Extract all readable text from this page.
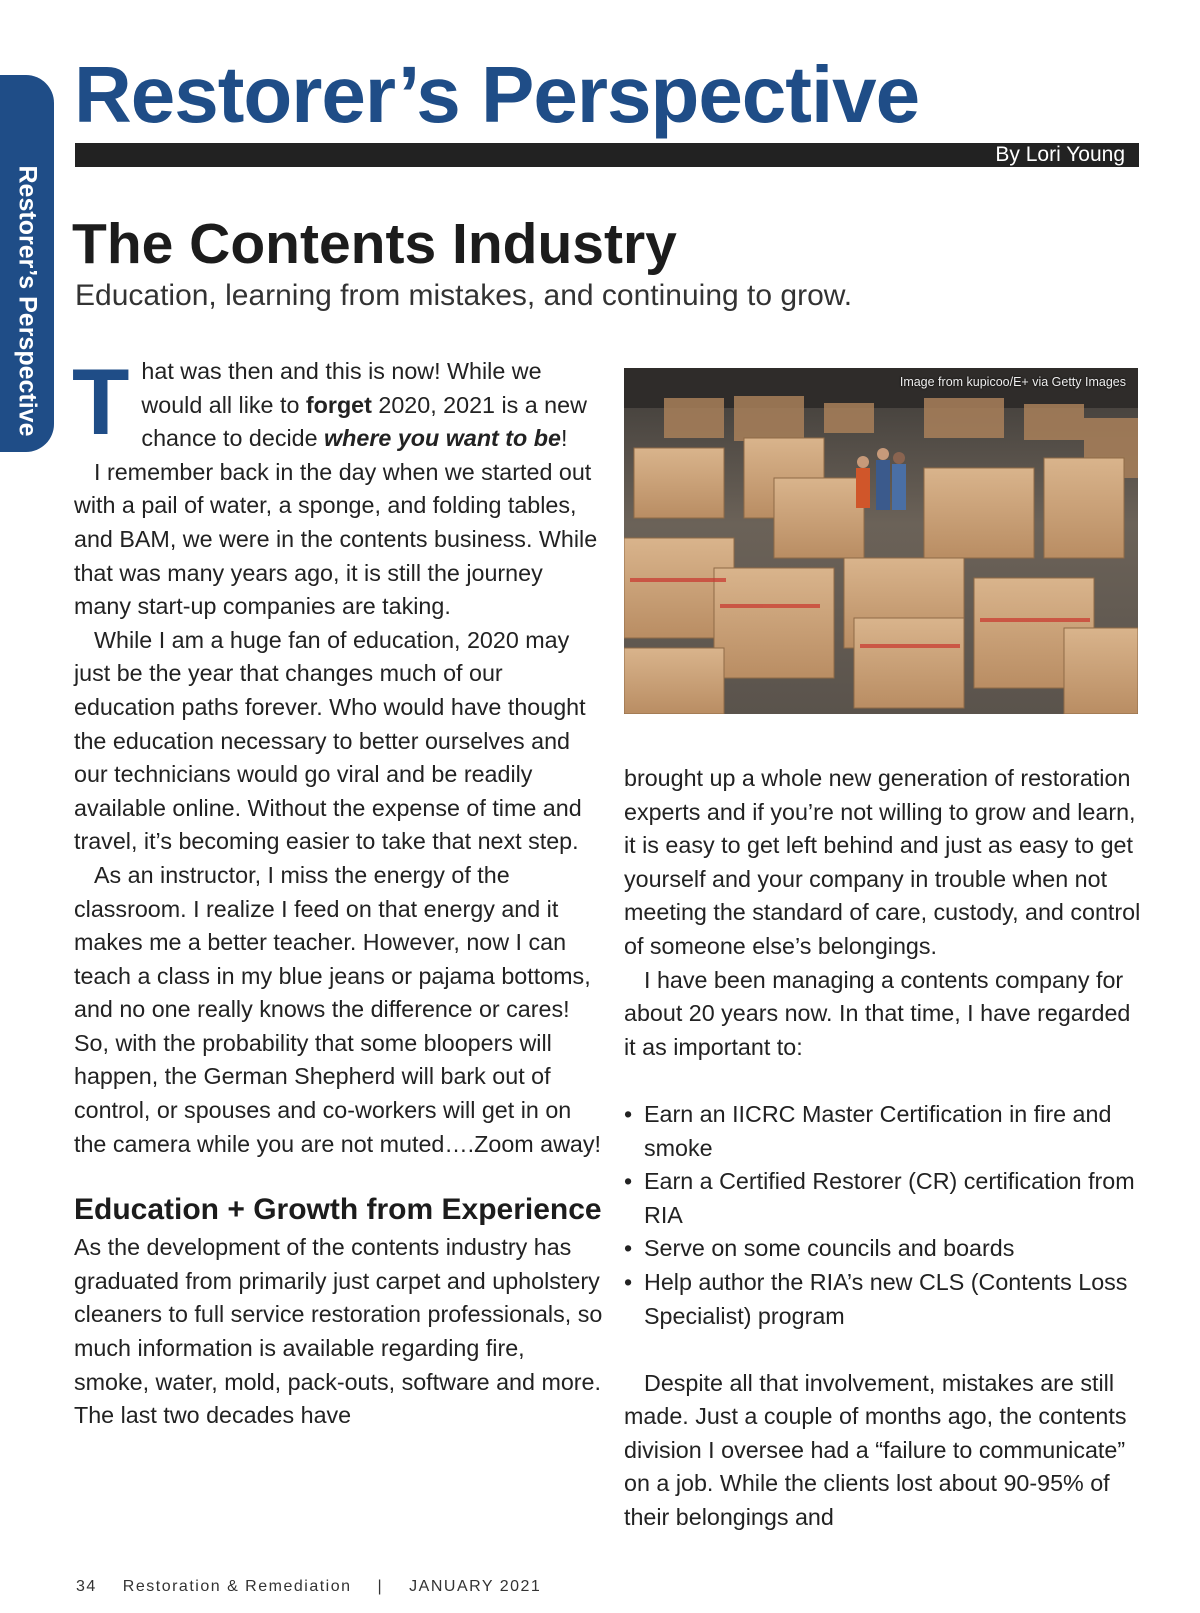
Restorer’s Perspective
Restorer’s Perspective
By Lori Young
The Contents Industry

Education, learning from mistakes, and continuing to grow.

That was then and this is now! While we would all like to forget 2020, 2021 is a new chance to decide where you want to be!

I remember back in the day when we started out with a pail of water, a sponge, and folding tables, and BAM, we were in the contents business. While that was many years ago, it is still the journey many start-up companies are taking.

While I am a huge fan of education, 2020 may just be the year that changes much of our education paths forever. Who would have thought the education necessary to better ourselves and our technicians would go viral and be readily available online. Without the expense of time and travel, it’s becoming easier to take that next step.

As an instructor, I miss the energy of the classroom. I realize I feed on that energy and it makes me a better teacher. However, now I can teach a class in my blue jeans or pajama bottoms, and no one really knows the difference or cares! So, with the probability that some bloopers will happen, the German Shepherd will bark out of control, or spouses and co-workers will get in on the camera while you are not muted….Zoom away!

Education + Growth from Experience

As the development of the contents industry has graduated from primarily just carpet and upholstery cleaners to full service restoration professionals, so much information is available regarding fire, smoke, water, mold, pack-outs, software and more. The last two decades have

Image from kupicoo/E+ via Getty Images

brought up a whole new generation of restoration experts and if you’re not willing to grow and learn, it is easy to get left behind and just as easy to get yourself and your company in trouble when not meeting the standard of care, custody, and control of someone else’s belongings.

I have been managing a contents company for about 20 years now. In that time, I have regarded it as important to:

• Earn an IICRC Master Certification in fire and smoke
• Earn a Certified Restorer (CR) certification from RIA
• Serve on some councils and boards
• Help author the RIA’s new CLS (Contents Loss Specialist) program

Despite all that involvement, mistakes are still made. Just a couple of months ago, the contents division I oversee had a “failure to communicate” on a job. While the clients lost about 90-95% of their belongings and

34 Restoration & Remediation | JANUARY 2021
